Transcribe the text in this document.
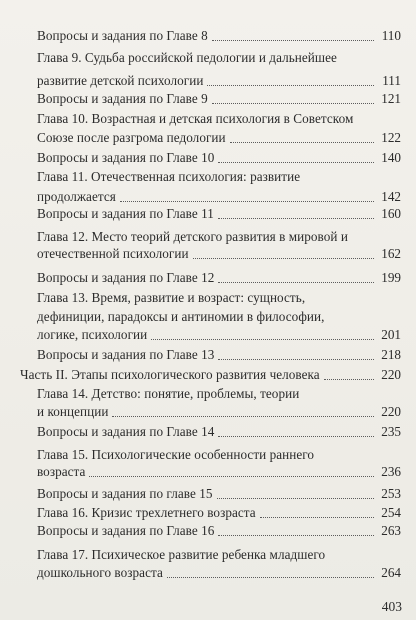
Вопросы и задания по Главе 8	110
Глава 9. Судьба российской педологии и дальнейшее
развитие детской психологии	111
Вопросы и задания по Главе 9	121
Глава 10. Возрастная и детская психология в Советском
Союзе после разгрома педологии	122
Вопросы и задания по Главе 10	140
Глава 11. Отечественная психология: развитие
продолжается	142
Вопросы и задания по Главе 11	160
Глава 12. Место теорий детского развития в мировой и
отечественной психологии	162
Вопросы и задания по Главе 12	199
Глава 13. Время, развитие и возраст: сущность,
дефиниции, парадоксы и антиномии в философии,
логике, психологии	201
Вопросы и задания по Главе 13	218
Часть II. Этапы психологического развития человека	220
Глава 14. Детство: понятие, проблемы, теории
и концепции	220
Вопросы и задания по Главе 14	235
Глава 15. Психологические особенности раннего
возраста	236
Вопросы и задания по главе 15	253
Глава 16. Кризис трехлетнего возраста	254
Вопросы и задания по Главе 16	263
Глава 17. Психическое развитие ребенка младшего
дошкольного возраста	264
403
